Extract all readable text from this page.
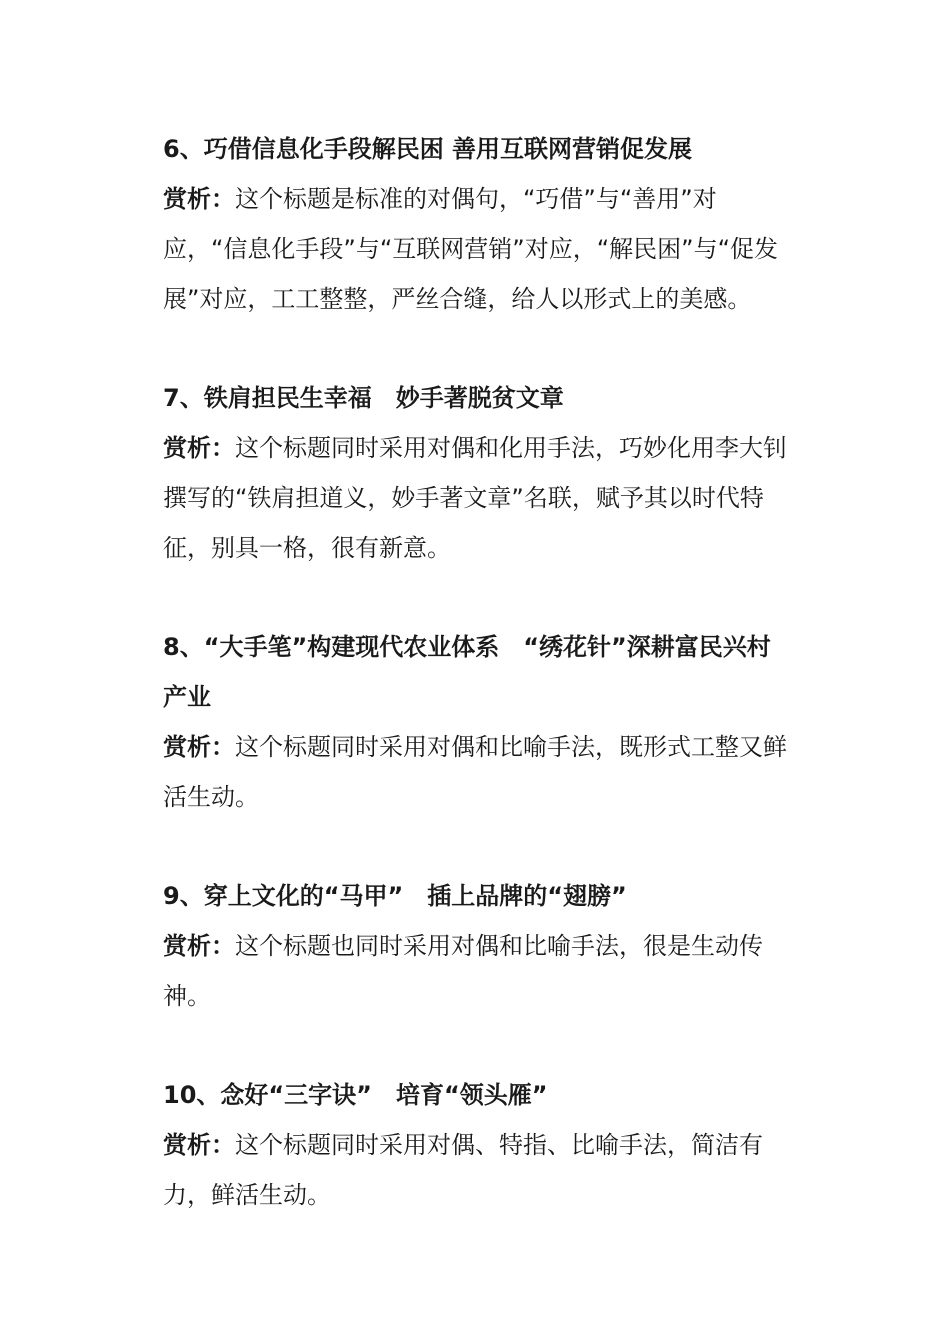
6、巧借信息化手段解民困 善用互联网营销促发展

赏析：这个标题是标准的对偶句，“巧借”与“善用”对应，“信息化手段”与“互联网营销”对应，“解民困”与“促发展”对应，工工整整，严丝合缝，给人以形式上的美感。

7、铁肩担民生幸福　妙手著脱贫文章

赏析：这个标题同时采用对偶和化用手法，巧妙化用李大钊撰写的“铁肩担道义，妙手著文章”名联，赋予其以时代特征，别具一格，很有新意。

8、“大手笔”构建现代农业体系　“绣花针”深耕富民兴村产业

赏析：这个标题同时采用对偶和比喻手法，既形式工整又鲜活生动。

9、穿上文化的“马甲”　插上品牌的“翅膀”

赏析：这个标题也同时采用对偶和比喻手法，很是生动传神。

10、念好“三字诀”　培育“领头雁”

赏析：这个标题同时采用对偶、特指、比喻手法，简洁有力，鲜活生动。
